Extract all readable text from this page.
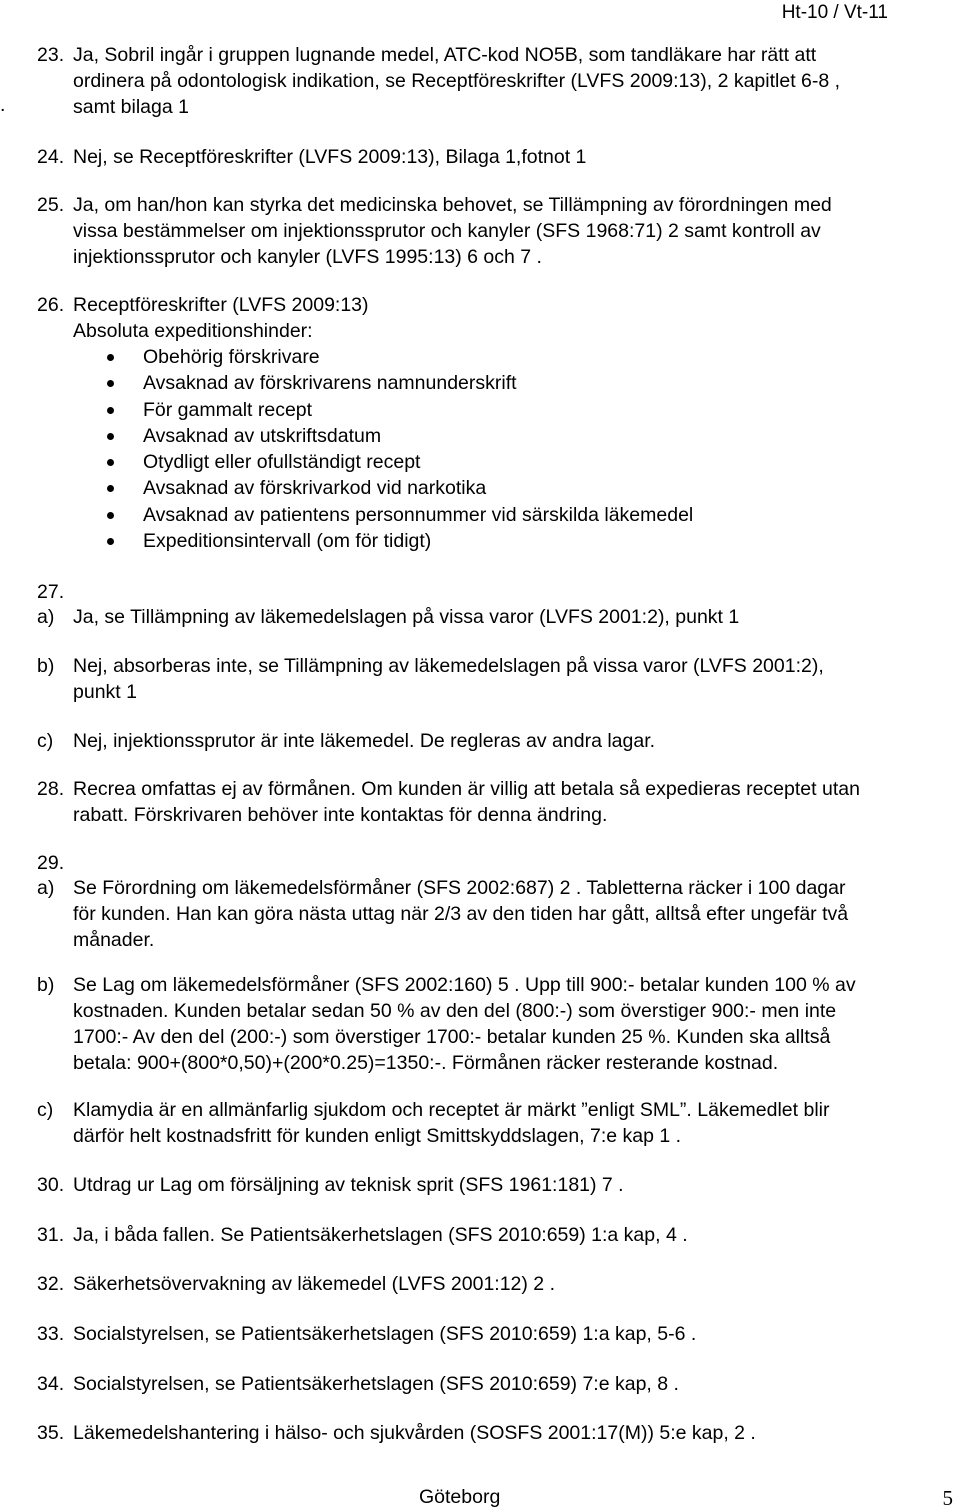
Ht-10 / Vt-11
.
23. Ja, Sobril ingår i gruppen lugnande medel, ATC-kod NO5B, som tandläkare har rätt att
ordinera på odontologisk indikation, se Receptföreskrifter (LVFS 2009:13), 2 kapitlet 6-8 ,
samt bilaga 1
24. Nej, se Receptföreskrifter (LVFS 2009:13), Bilaga 1,fotnot 1
25. Ja, om han/hon kan styrka det medicinska behovet, se Tillämpning av förordningen med
vissa bestämmelser om injektionssprutor och kanyler (SFS 1968:71) 2 samt kontroll av
injektionssprutor och kanyler (LVFS 1995:13) 6 och 7 .
26. Receptföreskrifter (LVFS 2009:13)
Absoluta expeditionshinder:
Obehörig förskrivare
Avsaknad av förskrivarens namnunderskrift
För gammalt recept
Avsaknad av utskriftsdatum
Otydligt eller ofullständigt recept
Avsaknad av förskrivarkod vid narkotika
Avsaknad av patientens personnummer vid särskilda läkemedel
Expeditionsintervall (om för tidigt)
27.
a) Ja, se Tillämpning av läkemedelslagen på vissa varor (LVFS 2001:2), punkt 1
b) Nej, absorberas inte, se Tillämpning av läkemedelslagen på vissa varor (LVFS 2001:2),
punkt 1
c) Nej, injektionssprutor är inte läkemedel. De regleras av andra lagar.
28. Recrea omfattas ej av förmånen. Om kunden är villig att betala så expedieras receptet utan
rabatt. Förskrivaren behöver inte kontaktas för denna ändring.
29.
a) Se Förordning om läkemedelsförmåner (SFS 2002:687) 2 . Tabletterna räcker i 100 dagar
för kunden. Han kan göra nästa uttag när 2/3 av den tiden har gått, alltså efter ungefär två
månader.
b) Se Lag om läkemedelsförmåner (SFS 2002:160) 5 . Upp till 900:- betalar kunden 100 % av
kostnaden. Kunden betalar sedan 50 % av den del (800:-) som överstiger 900:- men inte
1700:- Av den del (200:-) som överstiger 1700:- betalar kunden 25 %. Kunden ska alltså
betala: 900+(800*0,50)+(200*0.25)=1350:-. Förmånen räcker resterande kostnad.
c) Klamydia är en allmänfarlig sjukdom och receptet är märkt ”enligt SML”. Läkemedlet blir
därför helt kostnadsfritt för kunden enligt Smittskyddslagen, 7:e kap 1 .
30. Utdrag ur Lag om försäljning av teknisk sprit (SFS 1961:181) 7 .
31. Ja, i båda fallen. Se Patientsäkerhetslagen (SFS 2010:659) 1:a kap, 4 .
32. Säkerhetsövervakning av läkemedel (LVFS 2001:12) 2 .
33. Socialstyrelsen, se Patientsäkerhetslagen (SFS 2010:659) 1:a kap, 5-6 .
34. Socialstyrelsen, se Patientsäkerhetslagen (SFS 2010:659) 7:e kap, 8 .
35. Läkemedelshantering i hälso- och sjukvården (SOSFS 2001:17(M)) 5:e kap, 2 .
Göteborg	5
